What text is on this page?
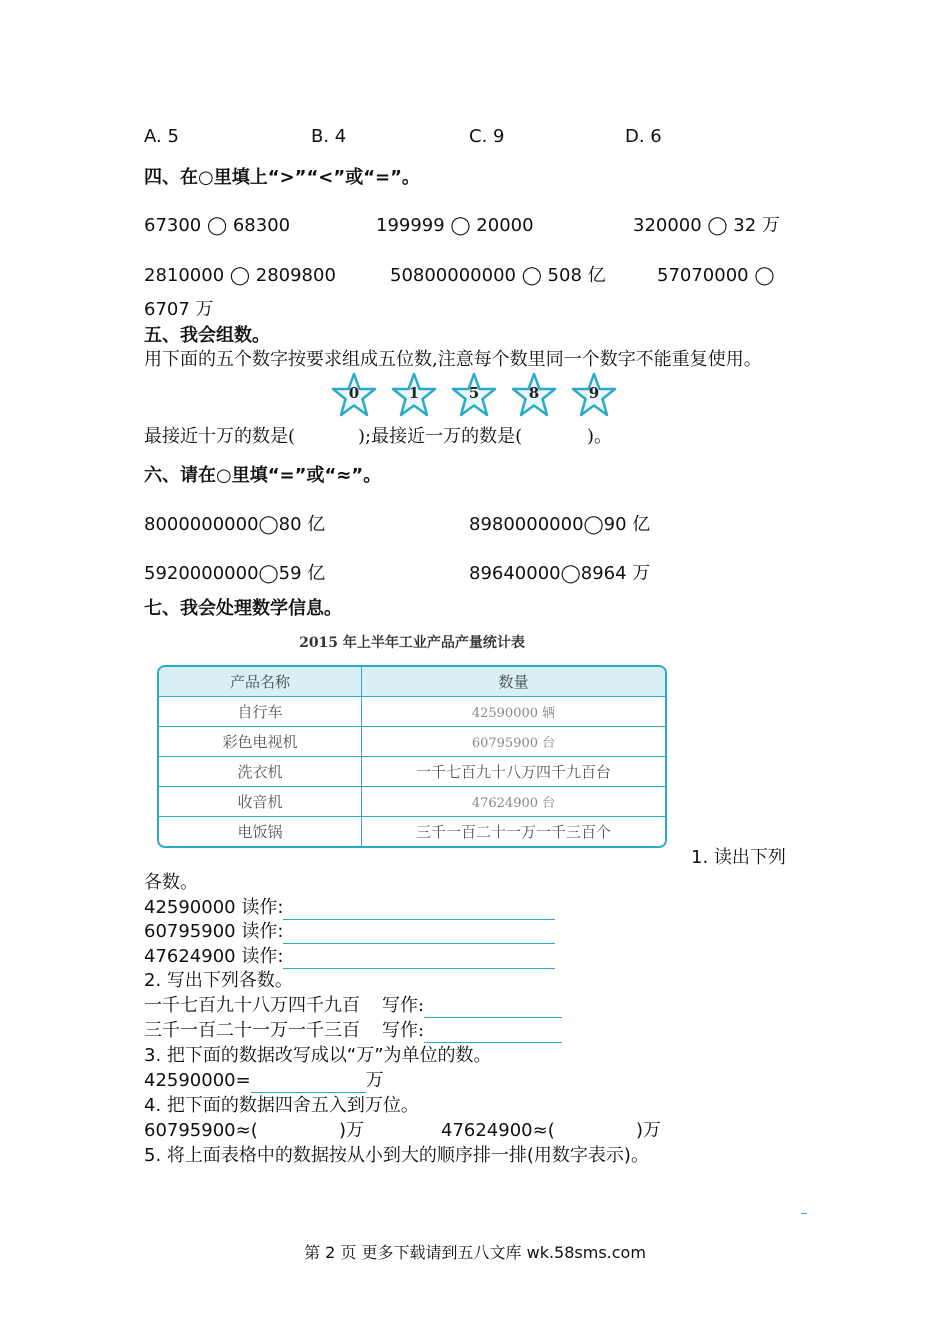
A. 5	B. 4	C. 9	D. 6
四、在○里填上“>”“<”或“=”。
67300 ◯ 68300	199999 ◯ 20000	320000 ◯ 32 万
2810000 ◯ 2809800	50800000000 ◯ 508 亿	57070000 ◯
6707 万
五、我会组数。
用下面的五个数字按要求组成五位数,注意每个数里同一个数字不能重复使用。
0	1	5	8	9
最接近十万的数是(	);最接近一万的数是(	)。
六、请在○里填“=”或“≈”。
8000000000◯80 亿	8980000000◯90 亿
5920000000◯59 亿	89640000◯8964 万
七、我会处理数学信息。
2015 年上半年工业产品产量统计表
产品名称	数量
自行车	42590000 辆
彩色电视机	60795900 台
洗衣机	一千七百九十八万四千九百台
收音机	47624900 台
电饭锅	三千一百二十一万一千三百个
1. 读出下列
各数。
42590000 读作:
60795900 读作:
47624900 读作:
2. 写出下列各数。
一千七百九十八万四千九百 写作:
三千一百二十一万一千三百 写作:
3. 把下面的数据改写成以“万”为单位的数。
42590000=	万
4. 把下面的数据四舍五入到万位。
60795900≈(	)万	47624900≈(	)万
5. 将上面表格中的数据按从小到大的顺序排一排(用数字表示)。
第 2 页 更多下载请到五八文库 wk.58sms.com
